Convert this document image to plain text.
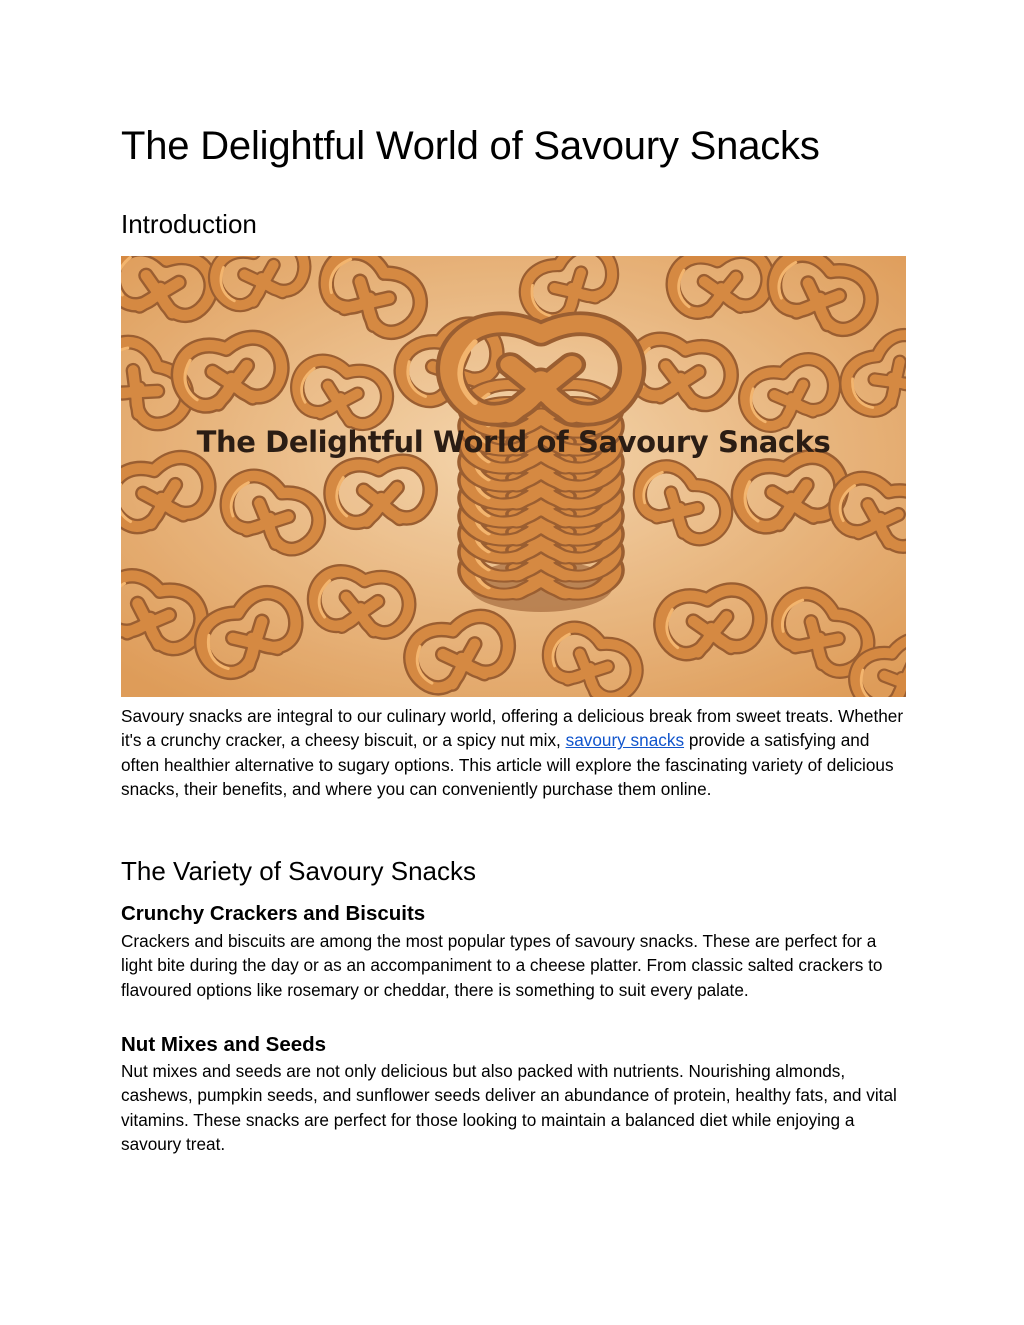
The Delightful World of Savoury Snacks
Introduction
The Delightful World of Savoury Snacks

Savoury snacks are integral to our culinary world, offering a delicious break from sweet treats. Whether it's a crunchy cracker, a cheesy biscuit, or a spicy nut mix, savoury snacks provide a satisfying and often healthier alternative to sugary options. This article will explore the fascinating variety of delicious snacks, their benefits, and where you can conveniently purchase them online.

The Variety of Savoury Snacks
Crunchy Crackers and Biscuits

Crackers and biscuits are among the most popular types of savoury snacks. These are perfect for a light bite during the day or as an accompaniment to a cheese platter. From classic salted crackers to flavoured options like rosemary or cheddar, there is something to suit every palate.

Nut Mixes and Seeds

Nut mixes and seeds are not only delicious but also packed with nutrients. Nourishing almonds, cashews, pumpkin seeds, and sunflower seeds deliver an abundance of protein, healthy fats, and vital vitamins. These snacks are perfect for those looking to maintain a balanced diet while enjoying a savoury treat.
